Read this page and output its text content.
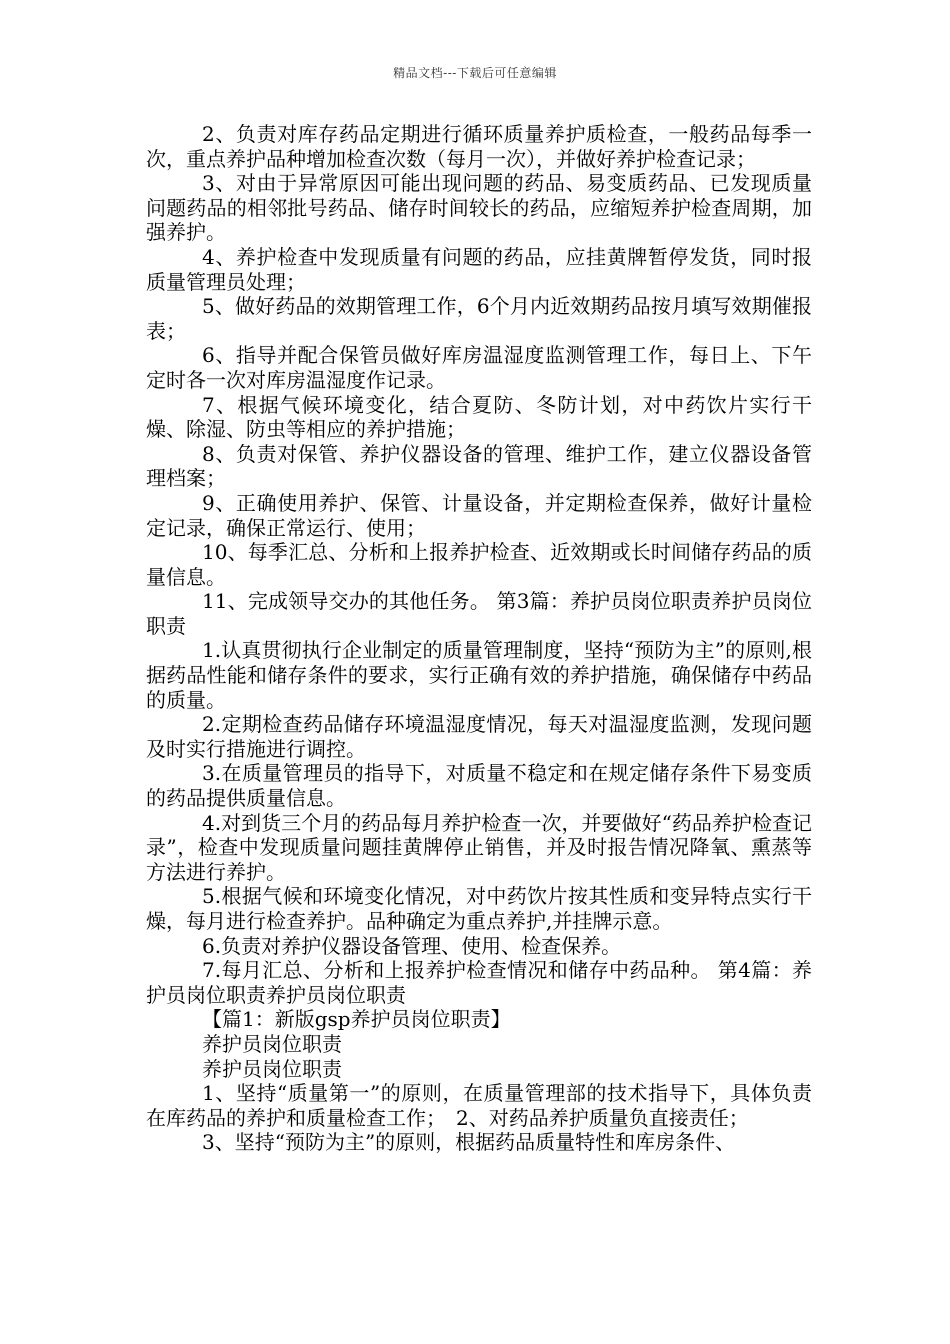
精品文档---下载后可任意编辑

2、负责对库存药品定期进行循环质量养护质检查，一般药品每季一次，重点养护品种增加检查次数（每月一次），并做好养护检查记录；

3、对由于异常原因可能出现问题的药品、易变质药品、已发现质量问题药品的相邻批号药品、储存时间较长的药品，应缩短养护检查周期，加强养护。

4、养护检查中发现质量有问题的药品，应挂黄牌暂停发货，同时报质量管理员处理；

5、做好药品的效期管理工作，6个月内近效期药品按月填写效期催报表；

6、指导并配合保管员做好库房温湿度监测管理工作，每日上、下午定时各一次对库房温湿度作记录。

7、根据气候环境变化，结合夏防、冬防计划，对中药饮片实行干燥、除湿、防虫等相应的养护措施；

8、负责对保管、养护仪器设备的管理、维护工作，建立仪器设备管理档案；

9、正确使用养护、保管、计量设备，并定期检查保养，做好计量检定记录，确保正常运行、使用；

10、每季汇总、分析和上报养护检查、近效期或长时间储存药品的质量信息。

11、完成领导交办的其他任务。 第3篇：养护员岗位职责养护员岗位职责

1.认真贯彻执行企业制定的质量管理制度，坚持“预防为主”的原则,根据药品性能和储存条件的要求，实行正确有效的养护措施，确保储存中药品的质量。

2.定期检查药品储存环境温湿度情况，每天对温湿度监测，发现问题及时实行措施进行调控。

3.在质量管理员的指导下，对质量不稳定和在规定储存条件下易变质的药品提供质量信息。

4.对到货三个月的药品每月养护检查一次，并要做好“药品养护检查记录”，检查中发现质量问题挂黄牌停止销售，并及时报告情况降氧、熏蒸等方法进行养护。

5.根据气候和环境变化情况，对中药饮片按其性质和变异特点实行干燥，每月进行检查养护。品种确定为重点养护,并挂牌示意。

6.负责对养护仪器设备管理、使用、检查保养。

7.每月汇总、分析和上报养护检查情况和储存中药品种。 第4篇：养护员岗位职责养护员岗位职责

【篇1：新版gsp养护员岗位职责】

养护员岗位职责

养护员岗位职责

1、坚持“质量第一”的原则，在质量管理部的技术指导下，具体负责在库药品的养护和质量检查工作；　2、对药品养护质量负直接责任；

3、坚持“预防为主”的原则，根据药品质量特性和库房条件、
